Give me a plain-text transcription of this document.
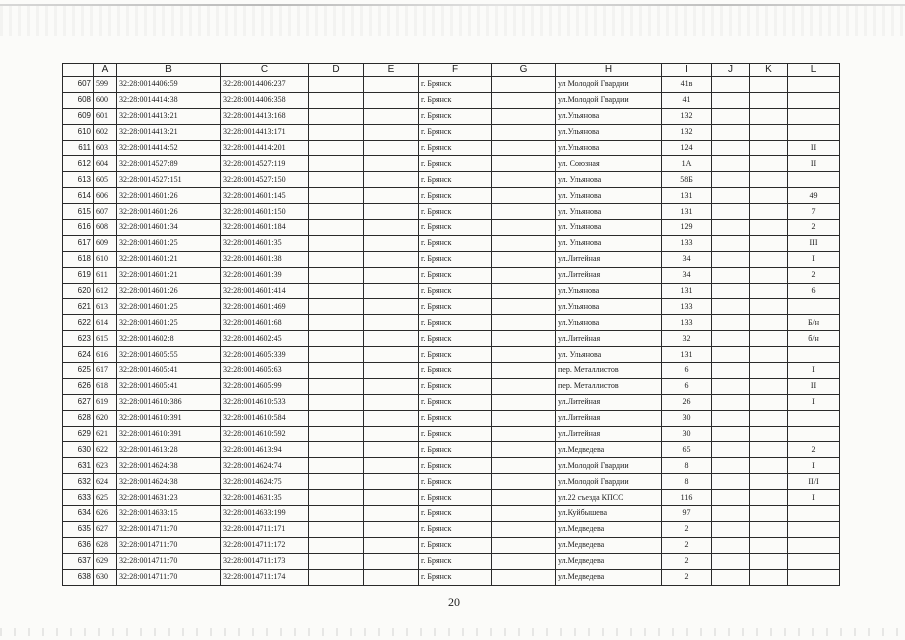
	A	B	C	D	E	F	G	H	I	J	K	L
607	599	32:28:0014406:59	32:28:0014406:237			г. Брянск		ул Молодой Гвардии	41в			
608	600	32:28:0014414:38	32:28:0014406:358			г. Брянск		ул.Молодой Гвардии	41			
609	601	32:28:0014413:21	32:28:0014413:168			г. Брянск		ул.Ульянова	132			
610	602	32:28:0014413:21	32:28:0014413:171			г. Брянск		ул.Ульянова	132			
611	603	32:28:0014414:52	32:28:0014414:201			г. Брянск		ул.Ульянова	124			II
612	604	32:28:0014527:89	32:28:0014527:119			г. Брянск		ул. Союзная	1А			II
613	605	32:28:0014527:151	32:28:0014527:150			г. Брянск		ул. Ульянова	58Б			
614	606	32:28:0014601:26	32:28:0014601:145			г. Брянск		ул. Ульянова	131			49
615	607	32:28:0014601:26	32:28:0014601:150			г. Брянск		ул. Ульянова	131			7
616	608	32:28:0014601:34	32:28:0014601:184			г. Брянск		ул. Ульянова	129			2
617	609	32:28:0014601:25	32:28:0014601:35			г. Брянск		ул. Ульянова	133			III
618	610	32:28:0014601:21	32:28:0014601:38			г. Брянск		ул.Литейная	34			I
619	611	32:28:0014601:21	32:28:0014601:39			г. Брянск		ул.Литейная	34			2
620	612	32:28:0014601:26	32:28:0014601:414			г. Брянск		ул.Ульянова	131			6
621	613	32:28:0014601:25	32:28:0014601:469			г. Брянск		ул.Ульянова	133			
622	614	32:28:0014601:25	32:28:0014601:68			г. Брянск		ул.Ульянова	133			Б/н
623	615	32:28:0014602:8	32:28:0014602:45			г. Брянск		ул.Литейная	32			б/н
624	616	32:28:0014605:55	32:28:0014605:339			г. Брянск		ул. Ульянова	131			
625	617	32:28:0014605:41	32:28:0014605:63			г. Брянск		пер. Металлистов	6			I
626	618	32:28:0014605:41	32:28:0014605:99			г. Брянск		пер. Металлистов	6			II
627	619	32:28:0014610:386	32:28:0014610:533			г. Брянск		ул.Литейная	26			I
628	620	32:28:0014610:391	32:28:0014610:584			г. Брянск		ул.Литейная	30			
629	621	32:28:0014610:391	32:28:0014610:592			г. Брянск		ул.Литейная	30			
630	622	32:28:0014613:28	32:28:0014613:94			г. Брянск		ул.Медведева	65			2
631	623	32:28:0014624:38	32:28:0014624:74			г. Брянск		ул.Молодой Гвардии	8			I
632	624	32:28:0014624:38	32:28:0014624:75			г. Брянск		ул.Молодой Гвардии	8			II/I
633	625	32:28:0014631:23	32:28:0014631:35			г. Брянск		ул.22 съезда КПСС	116			I
634	626	32:28:0014633:15	32:28:0014633:199			г. Брянск		ул.Куйбышева	97			
635	627	32:28:0014711:70	32:28:0014711:171			г. Брянск		ул.Медведева	2			
636	628	32:28:0014711:70	32:28:0014711:172			г. Брянск		ул.Медведева	2			
637	629	32:28:0014711:70	32:28:0014711:173			г. Брянск		ул.Медведева	2			
638	630	32:28:0014711:70	32:28:0014711:174			г. Брянск		ул.Медведева	2			
20
